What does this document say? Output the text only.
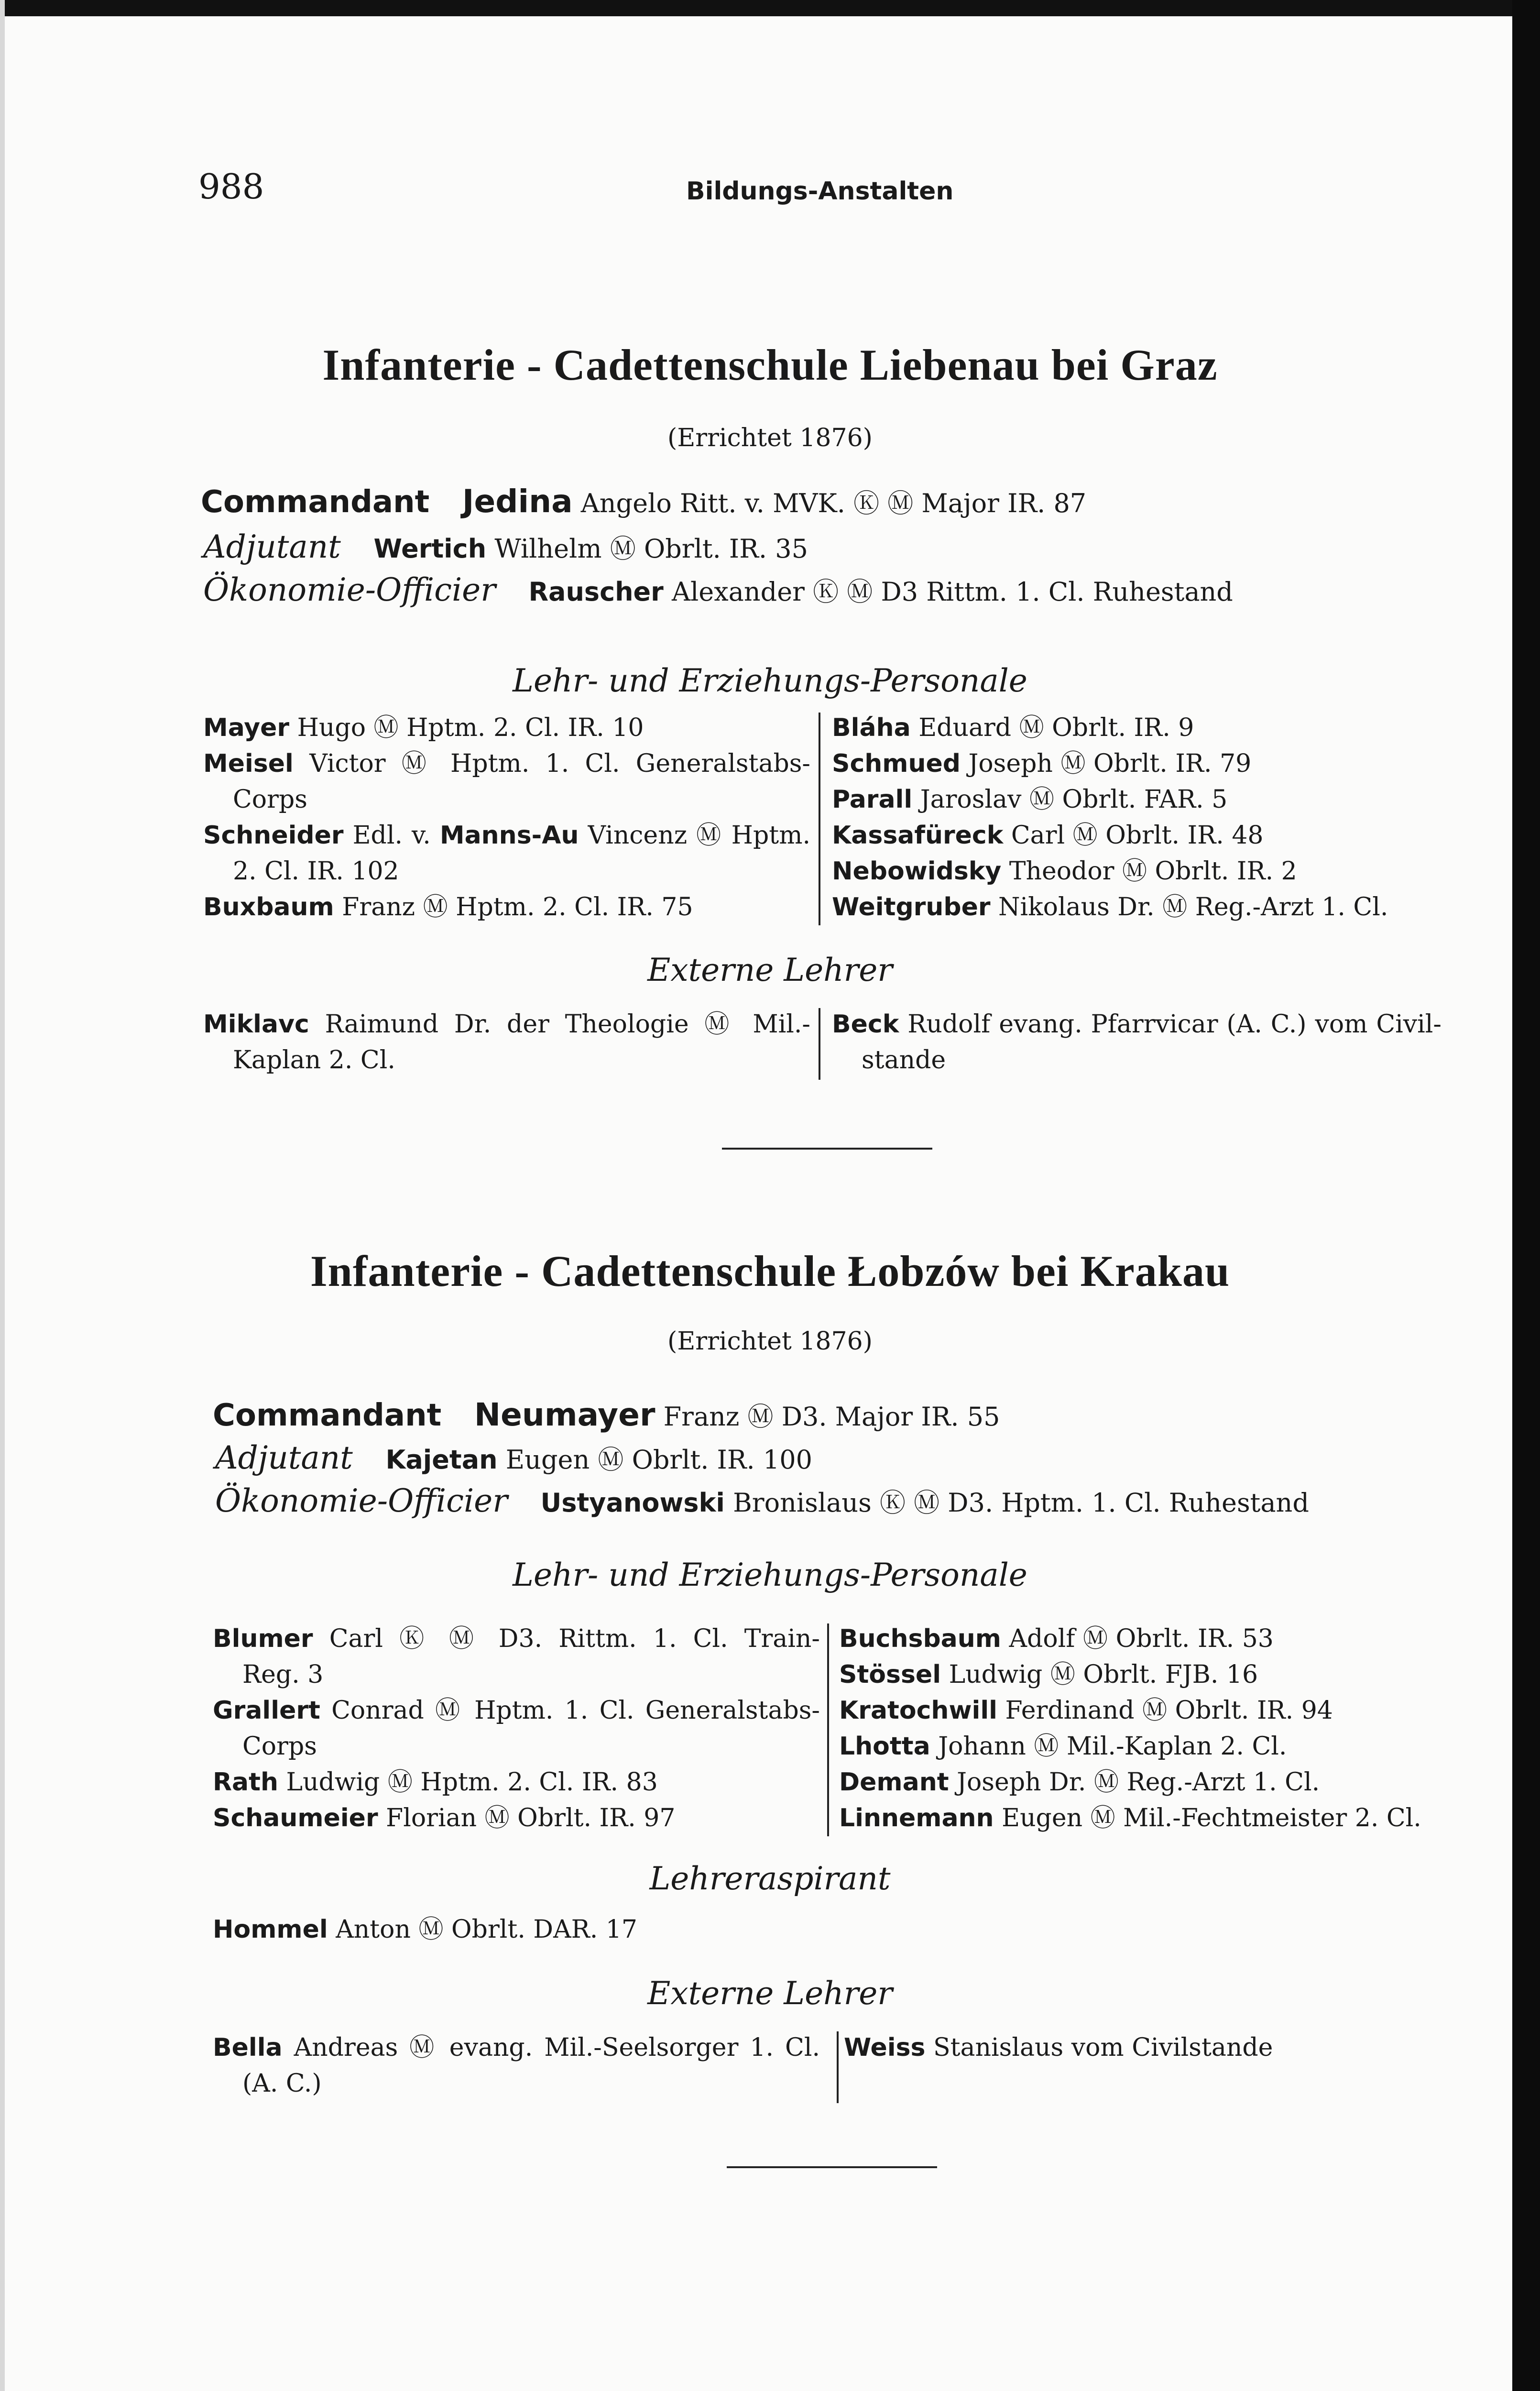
988	Bildungs-Anstalten
Infanterie - Cadettenschule Liebenau bei Graz
(Errichtet 1876)
Commandant Jedina Angelo Ritt. v. MVK. Ⓚ Ⓜ Major IR. 87
Adjutant Wertich Wilhelm Ⓜ Obrlt. IR. 35
Ökonomie-Officier Rauscher Alexander Ⓚ Ⓜ D3 Rittm. 1. Cl. Ruhestand
Lehr- und Erziehungs-Personale
Mayer Hugo Ⓜ Hptm. 2. Cl. IR. 10
Meisel Victor Ⓜ Hptm. 1. Cl. Generalstabs-
Corps
Schneider Edl. v. Manns-Au Vincenz Ⓜ Hptm.
2. Cl. IR. 102
Buxbaum Franz Ⓜ Hptm. 2. Cl. IR. 75
Bláha Eduard Ⓜ Obrlt. IR. 9
Schmued Joseph Ⓜ Obrlt. IR. 79
Parall Jaroslav Ⓜ Obrlt. FAR. 5
Kassafüreck Carl Ⓜ Obrlt. IR. 48
Nebowidsky Theodor Ⓜ Obrlt. IR. 2
Weitgruber Nikolaus Dr. Ⓜ Reg.-Arzt 1. Cl.
Externe Lehrer
Miklavc Raimund Dr. der Theologie Ⓜ Mil.-
Kaplan 2. Cl.
Beck Rudolf evang. Pfarrvicar (A. C.) vom Civil-
stande
Infanterie - Cadettenschule Łobzów bei Krakau
(Errichtet 1876)
Commandant Neumayer Franz Ⓜ D3. Major IR. 55
Adjutant Kajetan Eugen Ⓜ Obrlt. IR. 100
Ökonomie-Officier Ustyanowski Bronislaus Ⓚ Ⓜ D3. Hptm. 1. Cl. Ruhestand
Lehr- und Erziehungs-Personale
Blumer Carl Ⓚ Ⓜ D3. Rittm. 1. Cl. Train-
Reg. 3
Grallert Conrad Ⓜ Hptm. 1. Cl. Generalstabs-
Corps
Rath Ludwig Ⓜ Hptm. 2. Cl. IR. 83
Schaumeier Florian Ⓜ Obrlt. IR. 97
Buchsbaum Adolf Ⓜ Obrlt. IR. 53
Stössel Ludwig Ⓜ Obrlt. FJB. 16
Kratochwill Ferdinand Ⓜ Obrlt. IR. 94
Lhotta Johann Ⓜ Mil.-Kaplan 2. Cl.
Demant Joseph Dr. Ⓜ Reg.-Arzt 1. Cl.
Linnemann Eugen Ⓜ Mil.-Fechtmeister 2. Cl.
Lehreraspirant
Hommel Anton Ⓜ Obrlt. DAR. 17
Externe Lehrer
Bella Andreas Ⓜ evang. Mil.-Seelsorger 1. Cl.
(A. C.)
Weiss Stanislaus vom Civilstande
